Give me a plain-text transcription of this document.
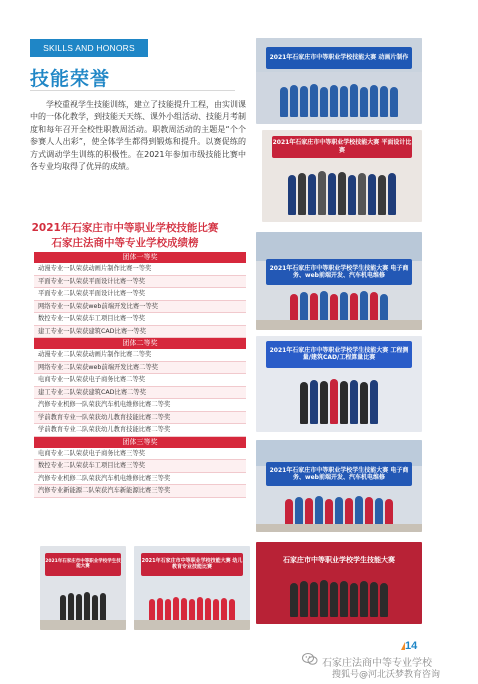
SKILLS AND HONORS
技能荣誉
学校重视学生技能训练，建立了技能提升工程，由实训课中的一体化教学，到技能天天练、课外小组活动、技能月考制度和每年召开全校性职教周活动。职教周活动的主题是“个个参赛人人出彩”，使全体学生都得到锻炼和提升。以赛促练的方式调动学生训练的积极性。在2021年参加市级技能比赛中各专业均取得了优异的成绩。
2021年石家庄市中等职业学校技能比赛
石家庄法商中等专业学校成绩榜
团体一等奖
动漫专业一队荣获动画片制作比赛一等奖
平面专业一队荣获平面设计比赛一等奖
平面专业二队荣获平面设计比赛一等奖
网络专业一队荣获web前端开发比赛一等奖
数控专业一队荣获车工项目比赛一等奖
建工专业一队荣获建筑CAD比赛一等奖
团体二等奖
动漫专业二队荣获动画片制作比赛二等奖
网络专业二队荣获web前端开发比赛二等奖
电商专业一队荣获电子商务比赛二等奖
建工专业二队荣获建筑CAD比赛二等奖
汽修专业机修一队荣获汽车机电维修比赛二等奖
学前教育专业一队荣获幼儿教育技能比赛二等奖
学前教育专业二队荣获幼儿教育技能比赛二等奖
团体三等奖
电商专业二队荣获电子商务比赛三等奖
数控专业二队荣获车工项目比赛三等奖
汽修专业机修二队荣获汽车机电维修比赛三等奖
汽修专业新能源二队荣获汽车新能源比赛三等奖
2021年石家庄市中等职业学校技能大赛 动画片制作
2021年石家庄市中等职业学校技能大赛 平面设计比赛
2021年石家庄市中等职业学校学生技能大赛 电子商务、web前端开发、汽车机电维修
2021年石家庄市中等职业学校学生技能大赛 工程测量/建筑CAD/工程算量比赛
2021年石家庄市中等职业学校学生技能大赛 电子商务、web前端开发、汽车机电维修
2021年石家庄市中等职业学校学生技能大赛
2021年石家庄市中等职业学校技能大赛 幼儿教育专业技能比赛
石家庄市中等职业学校学生技能大赛
14
石家庄法商中等专业学校
搜狐号@河北沃梦教育咨询
